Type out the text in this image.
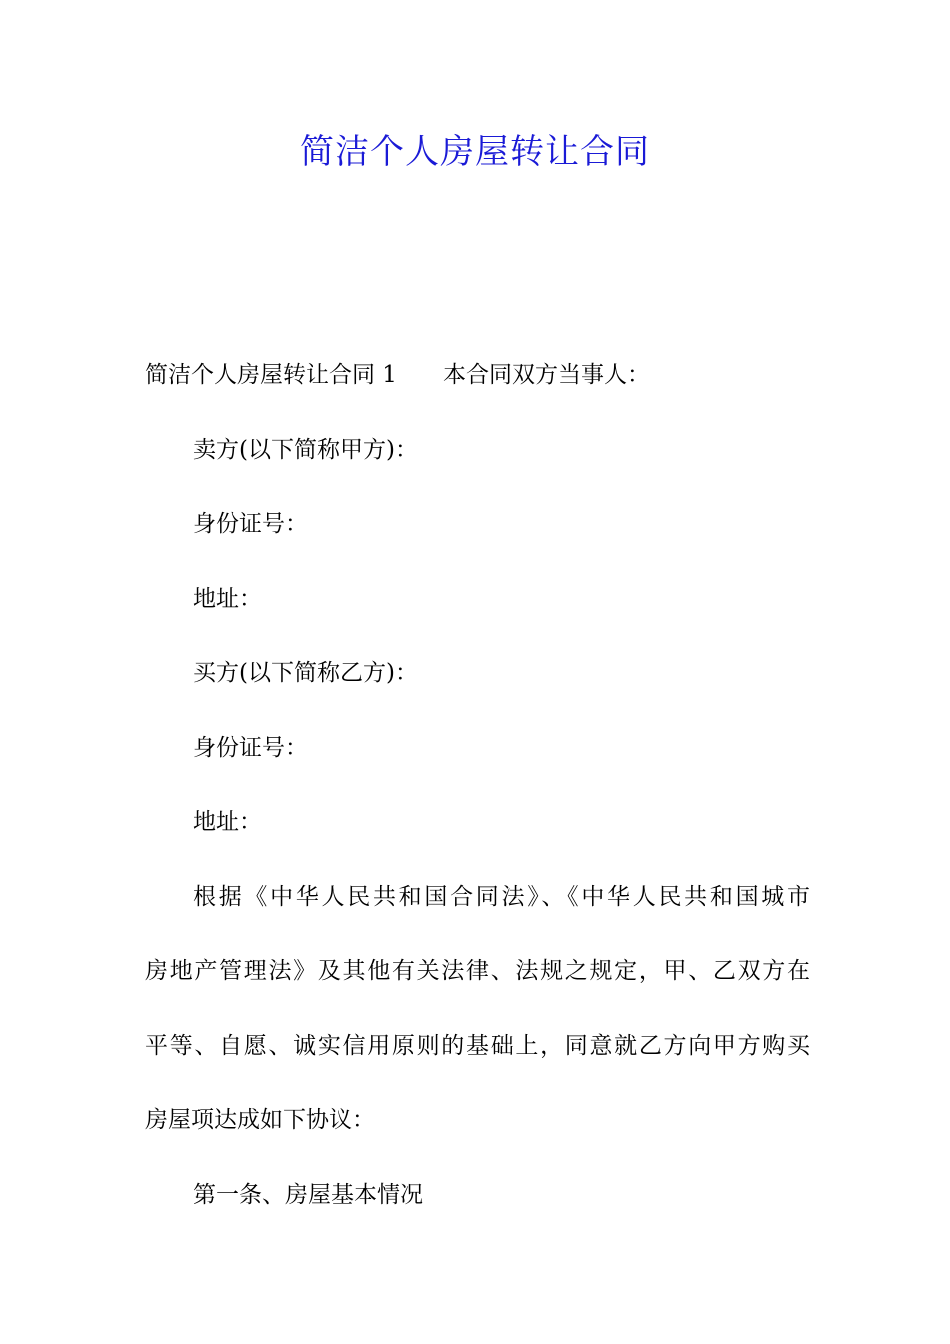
简洁个人房屋转让合同
简洁个人房屋转让合同 1 本合同双方当事人：
卖方(以下简称甲方)：
身份证号：
地址：
买方(以下简称乙方)：
身份证号：
地址：
根据《中华人民共和国合同法》、《中华人民共和国城市
房地产管理法》及其他有关法律、法规之规定，甲、乙双方在
平等、自愿、诚实信用原则的基础上，同意就乙方向甲方购买
房屋项达成如下协议：
第一条、房屋基本情况
